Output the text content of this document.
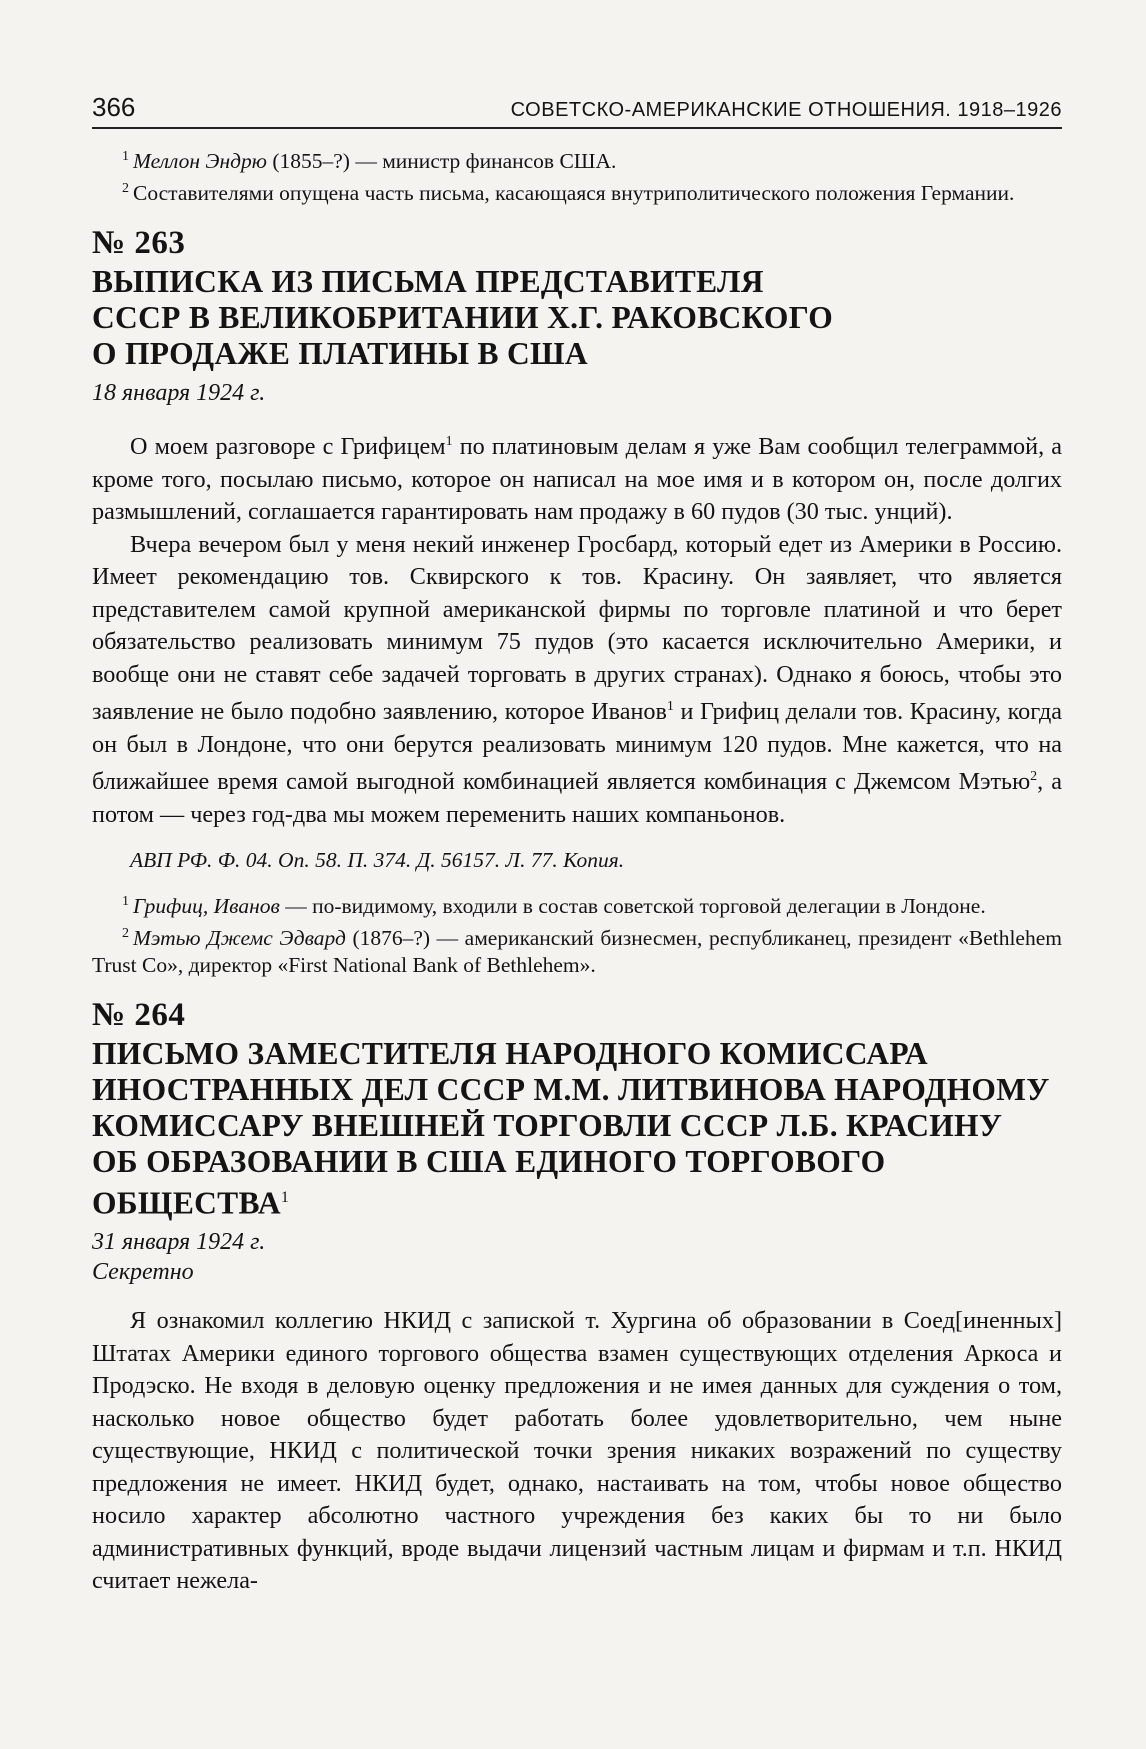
366	СОВЕТСКО-АМЕРИКАНСКИЕ ОТНОШЕНИЯ. 1918–1926

$^1$ Меллон Эндрю (1855–?) — министр финансов США.

$^2$ Составителями опущена часть письма, касающаяся внутриполитического положения Германии.

№ 263
ВЫПИСКА ИЗ ПИСЬМА ПРЕДСТАВИТЕЛЯ
СССР В ВЕЛИКОБРИТАНИИ Х.Г. РАКОВСКОГО
О ПРОДАЖЕ ПЛАТИНЫ В США

18 января 1924 г.

О моем разговоре с Грифицем$^1$ по платиновым делам я уже Вам сообщил телеграммой, а кроме того, посылаю письмо, которое он написал на мое имя и в котором он, после долгих размышлений, соглашается гарантировать нам продажу в 60 пудов (30 тыс. унций).

Вчера вечером был у меня некий инженер Гросбард, который едет из Америки в Россию. Имеет рекомендацию тов. Сквирского к тов. Красину. Он заявляет, что является представителем самой крупной американской фирмы по торговле платиной и что берет обязательство реализовать минимум 75 пудов (это касается исключительно Америки, и вообще они не ставят себе задачей торговать в других странах). Однако я боюсь, чтобы это заявление не было подобно заявлению, которое Иванов$^1$ и Грифиц делали тов. Красину, когда он был в Лондоне, что они берутся реализовать минимум 120 пудов. Мне кажется, что на ближайшее время самой выгодной комбинацией является комбинация с Джемсом Мэтью$^2$, а потом — через год-два мы можем переменить наших компаньонов.

АВП РФ. Ф. 04. Оп. 58. П. 374. Д. 56157. Л. 77. Копия.

$^1$ Грифиц, Иванов — по-видимому, входили в состав советской торговой делегации в Лондоне.

$^2$ Мэтью Джемс Эдвард (1876–?) — американский бизнесмен, республиканец, президент «Bethlehem Trust Co», директор «First National Bank of Bethlehem».

№ 264
ПИСЬМО ЗАМЕСТИТЕЛЯ НАРОДНОГО КОМИССАРА
ИНОСТРАННЫХ ДЕЛ СССР М.М. ЛИТВИНОВА НАРОДНОМУ
КОМИССАРУ ВНЕШНЕЙ ТОРГОВЛИ СССР Л.Б. КРАСИНУ
ОБ ОБРАЗОВАНИИ В США ЕДИНОГО ТОРГОВОГО ОБЩЕСТВА$^1$

31 января 1924 г.

Секретно

Я ознакомил коллегию НКИД с запиской т. Хургина об образовании в Соед[иненных] Штатах Америки единого торгового общества взамен существующих отделения Аркоса и Продэско. Не входя в деловую оценку предложения и не имея данных для суждения о том, насколько новое общество будет работать более удовлетворительно, чем ныне существующие, НКИД с политической точки зрения никаких возражений по существу предложения не имеет. НКИД будет, однако, настаивать на том, чтобы новое общество носило характер абсолютно частного учреждения без каких бы то ни было административных функций, вроде выдачи лицензий частным лицам и фирмам и т.п. НКИД считает нежела-
